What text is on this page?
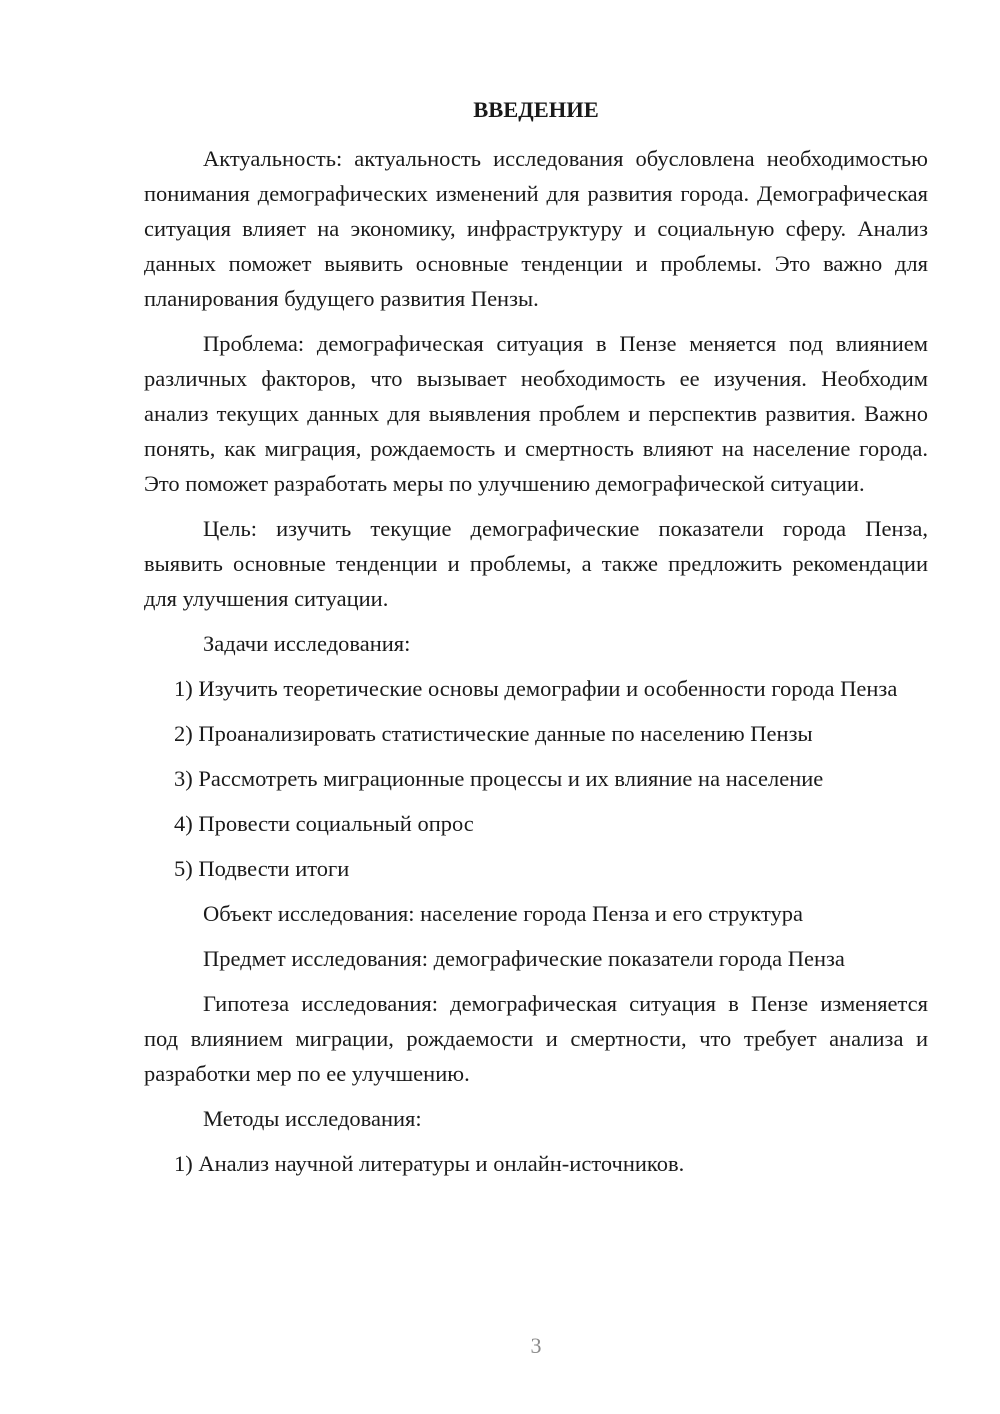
ВВЕДЕНИЕ

Актуальность: актуальность исследования обусловлена необходимостью понимания демографических изменений для развития города. Демографическая ситуация влияет на экономику, инфраструктуру и социальную сферу. Анализ данных поможет выявить основные тенденции и проблемы. Это важно для планирования будущего развития Пензы.

Проблема: демографическая ситуация в Пензе меняется под влиянием различных факторов, что вызывает необходимость ее изучения. Необходим анализ текущих данных для выявления проблем и перспектив развития. Важно понять, как миграция, рождаемость и смертность влияют на население города. Это поможет разработать меры по улучшению демографической ситуации.

Цель: изучить текущие демографические показатели города Пенза, выявить основные тенденции и проблемы, а также предложить рекомендации для улучшения ситуации.

Задачи исследования:

1) Изучить теоретические основы демографии и особенности города Пенза

2) Проанализировать статистические данные по населению Пензы

3) Рассмотреть миграционные процессы и их влияние на население

4) Провести социальный опрос

5) Подвести итоги

Объект исследования: население города Пенза и его структура

Предмет исследования: демографические показатели города Пенза

Гипотеза исследования: демографическая ситуация в Пензе изменяется под влиянием миграции, рождаемости и смертности, что требует анализа и разработки мер по ее улучшению.

Методы исследования:

1) Анализ научной литературы и онлайн-источников.

3
